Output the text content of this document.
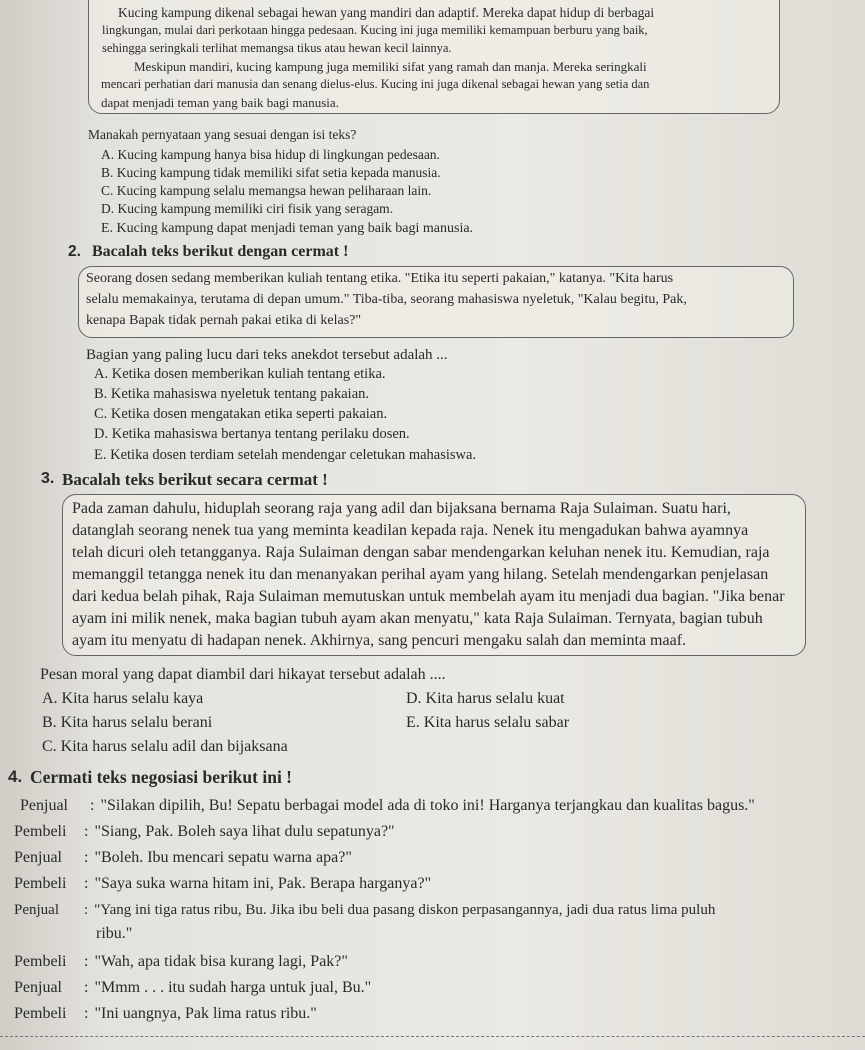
Kucing kampung dikenal sebagai hewan yang mandiri dan adaptif. Mereka dapat hidup di berbagai
lingkungan, mulai dari perkotaan hingga pedesaan. Kucing ini juga memiliki kemampuan berburu yang baik,
sehingga seringkali terlihat memangsa tikus atau hewan kecil lainnya.
Meskipun mandiri, kucing kampung juga memiliki sifat yang ramah dan manja. Mereka seringkali
mencari perhatian dari manusia dan senang dielus-elus. Kucing ini juga dikenal sebagai hewan yang setia dan
dapat menjadi teman yang baik bagi manusia.
Manakah pernyataan yang sesuai dengan isi teks?
A. Kucing kampung hanya bisa hidup di lingkungan pedesaan.
B. Kucing kampung tidak memiliki sifat setia kepada manusia.
C. Kucing kampung selalu memangsa hewan peliharaan lain.
D. Kucing kampung memiliki ciri fisik yang seragam.
E. Kucing kampung dapat menjadi teman yang baik bagi manusia.
2. Bacalah teks berikut dengan cermat !
Seorang dosen sedang memberikan kuliah tentang etika. "Etika itu seperti pakaian," katanya. "Kita harus
selalu memakainya, terutama di depan umum." Tiba-tiba, seorang mahasiswa nyeletuk, "Kalau begitu, Pak,
kenapa Bapak tidak pernah pakai etika di kelas?"
Bagian yang paling lucu dari teks anekdot tersebut adalah ...
A. Ketika dosen memberikan kuliah tentang etika.
B. Ketika mahasiswa nyeletuk tentang pakaian.
C. Ketika dosen mengatakan etika seperti pakaian.
D. Ketika mahasiswa bertanya tentang perilaku dosen.
E. Ketika dosen terdiam setelah mendengar celetukan mahasiswa.
3. Bacalah teks berikut secara cermat !
Pada zaman dahulu, hiduplah seorang raja yang adil dan bijaksana bernama Raja Sulaiman. Suatu hari,
datanglah seorang nenek tua yang meminta keadilan kepada raja. Nenek itu mengadukan bahwa ayamnya
telah dicuri oleh tetangganya. Raja Sulaiman dengan sabar mendengarkan keluhan nenek itu. Kemudian, raja
memanggil tetangga nenek itu dan menanyakan perihal ayam yang hilang. Setelah mendengarkan penjelasan
dari kedua belah pihak, Raja Sulaiman memutuskan untuk membelah ayam itu menjadi dua bagian. "Jika benar
ayam ini milik nenek, maka bagian tubuh ayam akan menyatu," kata Raja Sulaiman. Ternyata, bagian tubuh
ayam itu menyatu di hadapan nenek. Akhirnya, sang pencuri mengaku salah dan meminta maaf.
Pesan moral yang dapat diambil dari hikayat tersebut adalah ....
A. Kita harus selalu kaya	D. Kita harus selalu kuat
B. Kita harus selalu berani	E. Kita harus selalu sabar
C. Kita harus selalu adil dan bijaksana
4. Cermati teks negosiasi berikut ini !
Penjual : "Silakan dipilih, Bu! Sepatu berbagai model ada di toko ini! Harganya terjangkau dan kualitas bagus."
Pembeli : "Siang, Pak. Boleh saya lihat dulu sepatunya?"
Penjual : "Boleh. Ibu mencari sepatu warna apa?"
Pembeli : "Saya suka warna hitam ini, Pak. Berapa harganya?"
Penjual : "Yang ini tiga ratus ribu, Bu. Jika ibu beli dua pasang diskon perpasangannya, jadi dua ratus lima puluh
ribu."
Pembeli : "Wah, apa tidak bisa kurang lagi, Pak?"
Penjual : "Mmm . . . itu sudah harga untuk jual, Bu."
Pembeli : "Ini uangnya, Pak lima ratus ribu."
